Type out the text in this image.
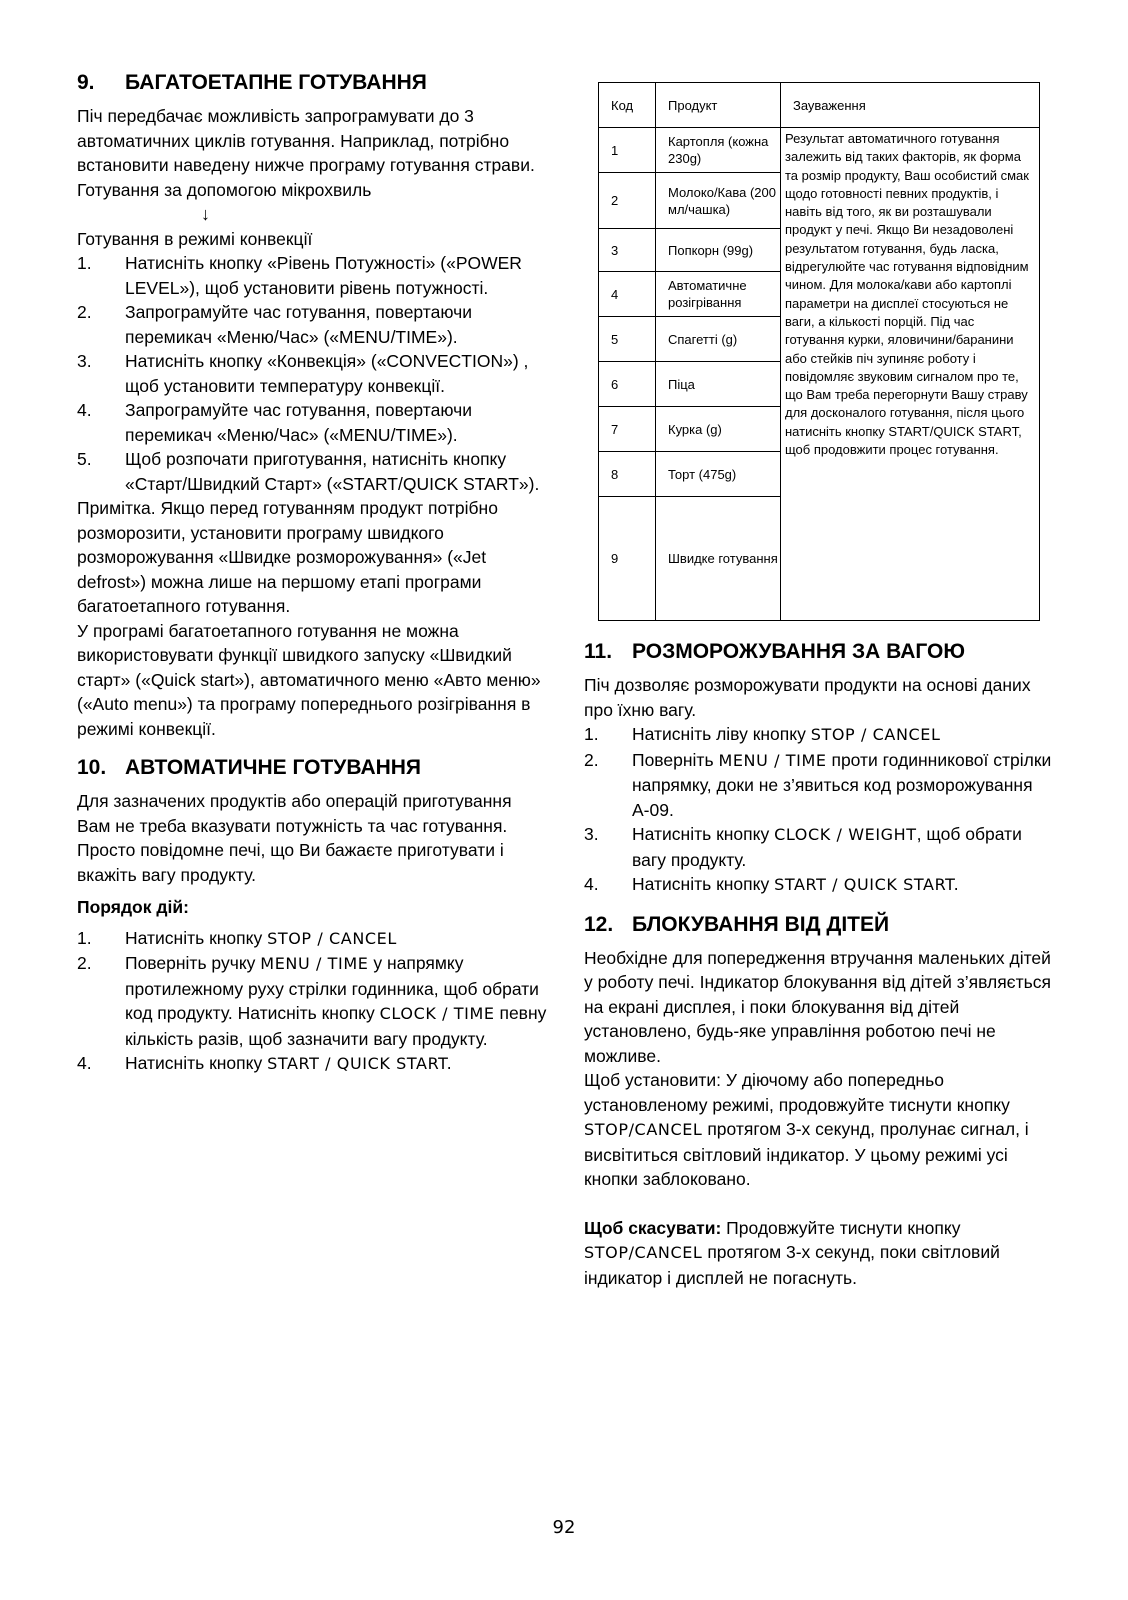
9. БАГАТОЕТАПНЕ ГОТУВАННЯ

Піч передбачає можливість запрограмувати до 3 автоматичних циклів готування. Наприклад, потрібно встановити наведену нижче програму готування страви.

Готування за допомогою мікрохвиль

↓

Готування в режимі конвекції

1. Натисніть кнопку «Рівень Потужності» («POWER LEVEL»), щоб установити рівень потужності.
2. Запрограмуйте час готування, повертаючи перемикач «Меню/Час» («MENU/TIME»).
3. Натисніть кнопку «Конвекція» («CONVECTION») , щоб установити температуру конвекції.
4. Запрограмуйте час готування, повертаючи перемикач «Меню/Час» («MENU/TIME»).
5. Щоб розпочати приготування, натисніть кнопку «Старт/Швидкий Старт» («START/QUICK START»).

Примітка. Якщо перед готуванням продукт потрібно розморозити, установити програму швидкого розморожування «Швидке розморожування» («Jet defrost») можна лише на першому етапі програми багатоетапного готування.

У програмі багатоетапного готування не можна використовувати функції швидкого запуску «Швидкий старт» («Quick start»), автоматичного меню «Авто меню» («Auto menu») та програму попереднього розігрівання в режимі конвекції.

10. АВТОМАТИЧНЕ ГОТУВАННЯ

Для зазначених продуктів або операцій приготування Вам не треба вказувати потужність та час готування. Просто повідомне печі, що Ви бажаєте приготувати і вкажіть вагу продукту.

Порядок дій:

1. Натисніть кнопку STOP / CANCEL
2. Поверніть ручку MENU / TIME у напрямку протилежному руху стрілки годинника, щоб обрати код продукту. Натисніть кнопку CLOCK / TIME певну кількість разів, щоб зазначити вагу продукту.
4. Натисніть кнопку START / QUICK START.
Код	Продукт	Зауваження
1	Картопля (кожна 230g)	Результат автоматичного готування залежить від таких факторів, як форма та розмір продукту, Ваш особистий смак щодо готовності певних продуктів, і навіть від того, як ви розташували продукт у печі. Якщо Ви незадоволені результатом готування, будь ласка, відрегулюйте час готування відповідним чином. Для молока/кави або картоплі параметри на дисплеї стосуються не ваги, а кількості порцій. Під час готування курки, яловичини/баранини або стейків піч зупиняє роботу і повідомляє звуковим сигналом про те, що Вам треба перегорнути Вашу страву для досконалого готування, після цього натисніть кнопку START/QUICK START, щоб продовжити процес готування.
2	Молоко/Кава (200 мл/чашка)	
3	Попкорн (99g)	
4	Автоматичне розігрівання	
5	Спагетті (g)	
6	Піца	
7	Курка (g)	
8	Торт (475g)	
9	Швидке готування	
11. РОЗМОРОЖУВАННЯ ЗА ВАГОЮ

Піч дозволяє розморожувати продукти на основі даних про їхню вагу.

1. Натисніть ліву кнопку STOP / CANCEL
2. Поверніть MENU / TIME проти годинникової стрілки напрямку, доки не з’явиться код розморожування А-09.
3. Натисніть кнопку CLOCK / WEIGHT, щоб обрати вагу продукту.
4. Натисніть кнопку START / QUICK START.
12. БЛОКУВАННЯ ВІД ДІТЕЙ

Необхідне для попередження втручання маленьких дітей у роботу печі. Індикатор блокування від дітей з’являється на екрані дисплея, і поки блокування від дітей установлено, будь-яке управління роботою печі не можливе.

Щоб установити: У діючому або попередньо установленому режимі, продовжуйте тиснути кнопку STOP/CANCEL протягом 3-х секунд, пролунає сигнал, і висвітиться світловий індикатор. У цьому режимі усі кнопки заблоковано.

Щоб скасувати: Продовжуйте тиснути кнопку STOP/CANCEL протягом 3-х секунд, поки світловий індикатор і дисплей не погаснуть.

92
